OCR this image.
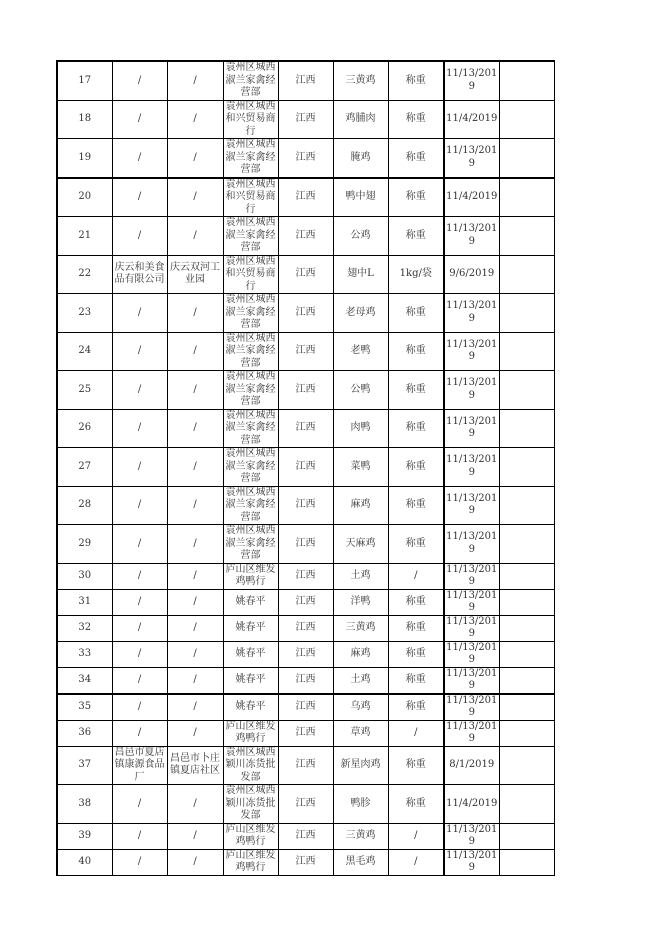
17	/	/	袁州区城西淑兰家禽经营部	江西	三黄鸡	称重	11/13/2019	
18	/	/	袁州区城西和兴贸易商行	江西	鸡脯肉	称重	11/4/2019	
19	/	/	袁州区城西淑兰家禽经营部	江西	腌鸡	称重	11/13/2019	
20	/	/	袁州区城西和兴贸易商行	江西	鸭中翅	称重	11/4/2019	
21	/	/	袁州区城西淑兰家禽经营部	江西	公鸡	称重	11/13/2019	
22	庆云和美食品有限公司	庆云双河工业园	袁州区城西和兴贸易商行	江西	翅中L	1kg/袋	9/6/2019	
23	/	/	袁州区城西淑兰家禽经营部	江西	老母鸡	称重	11/13/2019	
24	/	/	袁州区城西淑兰家禽经营部	江西	老鸭	称重	11/13/2019	
25	/	/	袁州区城西淑兰家禽经营部	江西	公鸭	称重	11/13/2019	
26	/	/	袁州区城西淑兰家禽经营部	江西	肉鸭	称重	11/13/2019	
27	/	/	袁州区城西淑兰家禽经营部	江西	菜鸭	称重	11/13/2019	
28	/	/	袁州区城西淑兰家禽经营部	江西	麻鸡	称重	11/13/2019	
29	/	/	袁州区城西淑兰家禽经营部	江西	天麻鸡	称重	11/13/2019	
30	/	/	庐山区维发鸡鸭行	江西	土鸡	/	11/13/2019	
31	/	/	姚春平	江西	洋鸭	称重	11/13/2019	
32	/	/	姚春平	江西	三黄鸡	称重	11/13/2019	
33	/	/	姚春平	江西	麻鸡	称重	11/13/2019	
34	/	/	姚春平	江西	土鸡	称重	11/13/2019	
35	/	/	姚春平	江西	乌鸡	称重	11/13/2019	
36	/	/	庐山区维发鸡鸭行	江西	草鸡	/	11/13/2019	
37	昌邑市夏店镇康源食品厂	昌邑市卜庄镇夏店社区	袁州区城西颖川冻货批发部	江西	新星肉鸡	称重	8/1/2019	
38	/	/	袁州区城西颖川冻货批发部	江西	鸭胗	称重	11/4/2019	
39	/	/	庐山区维发鸡鸭行	江西	三黄鸡	/	11/13/2019	
40	/	/	庐山区维发鸡鸭行	江西	黑毛鸡	/	11/13/2019	
